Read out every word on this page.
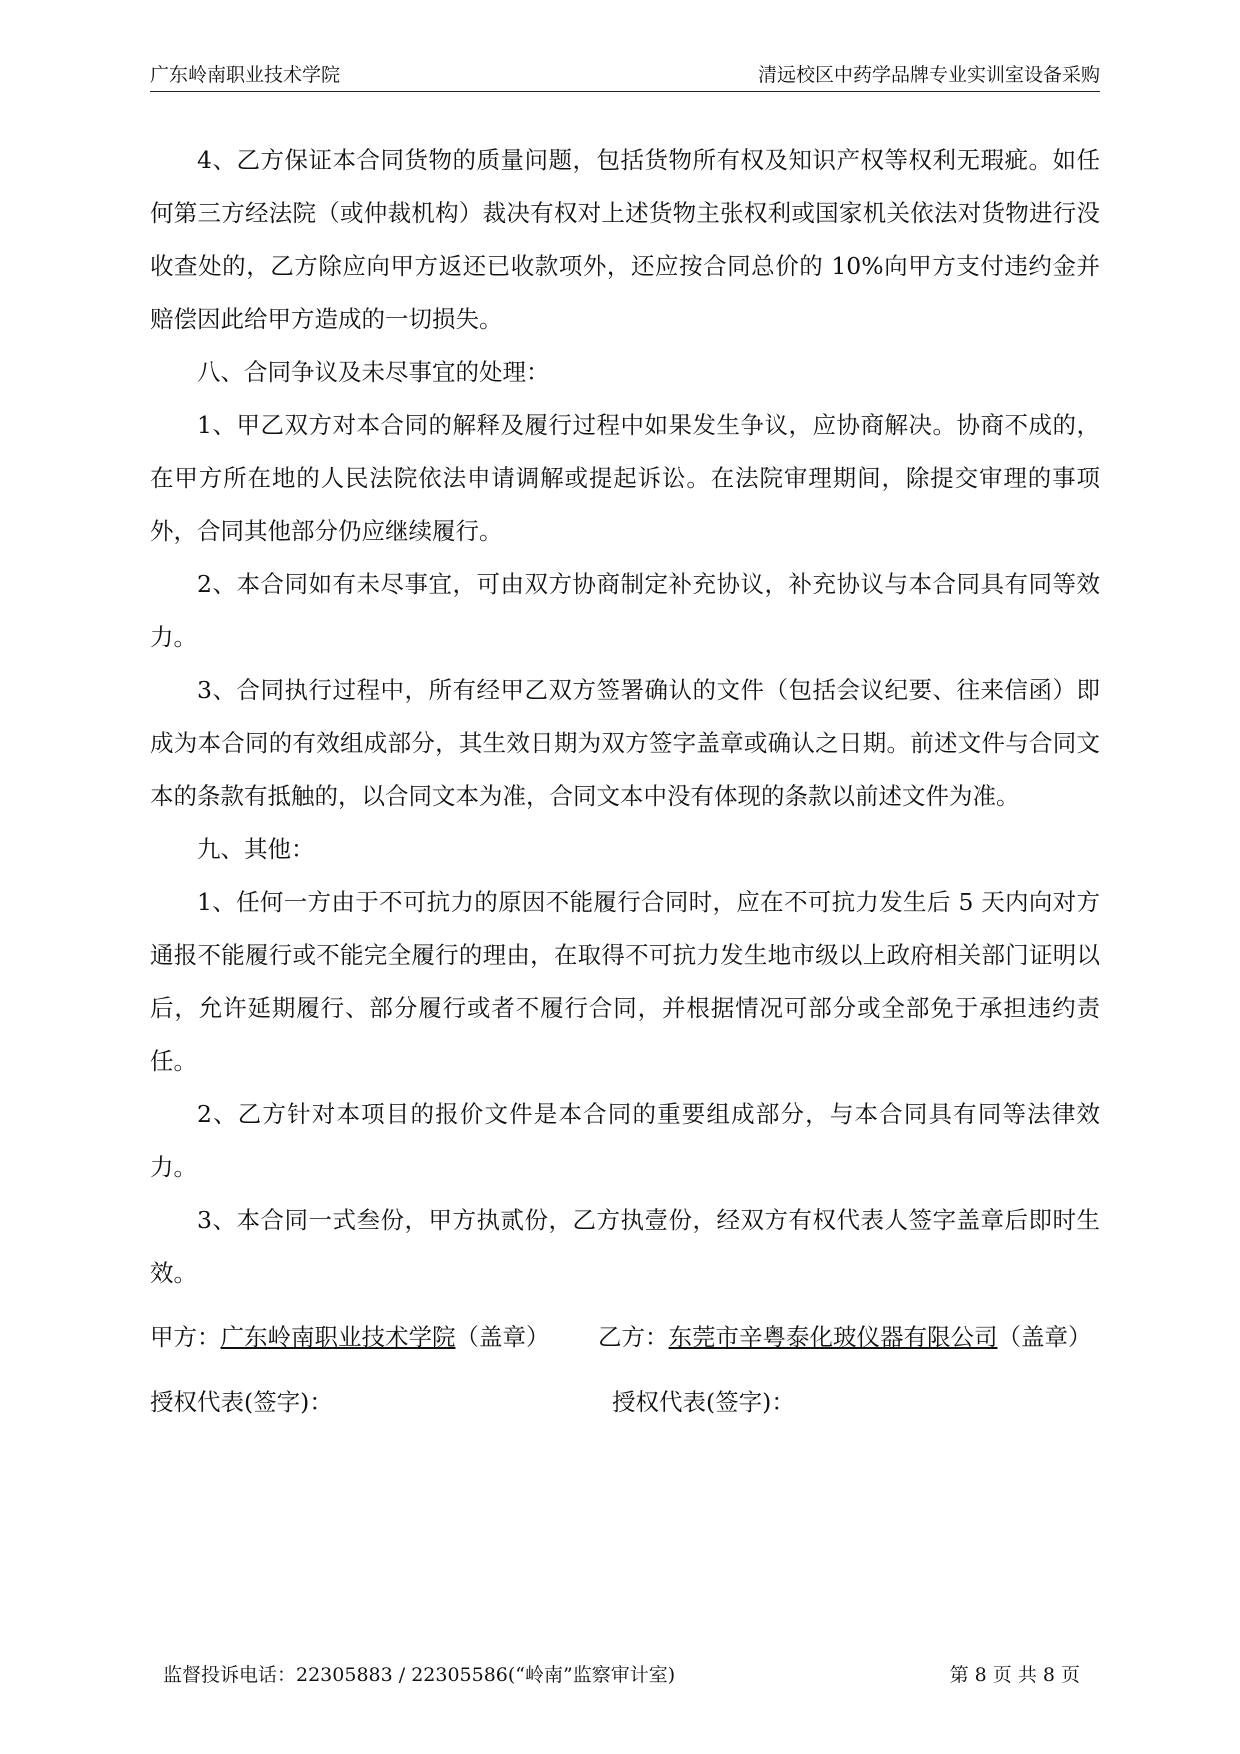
广东岭南职业技术学院	清远校区中药学品牌专业实训室设备采购

4、乙方保证本合同货物的质量问题，包括货物所有权及知识产权等权利无瑕疵。如任何第三方经法院（或仲裁机构）裁决有权对上述货物主张权利或国家机关依法对货物进行没收查处的，乙方除应向甲方返还已收款项外，还应按合同总价的 10%向甲方支付违约金并赔偿因此给甲方造成的一切损失。

八、合同争议及未尽事宜的处理：

1、甲乙双方对本合同的解释及履行过程中如果发生争议，应协商解决。协商不成的，在甲方所在地的人民法院依法申请调解或提起诉讼。在法院审理期间，除提交审理的事项外，合同其他部分仍应继续履行。

2、本合同如有未尽事宜，可由双方协商制定补充协议，补充协议与本合同具有同等效力。

3、合同执行过程中，所有经甲乙双方签署确认的文件（包括会议纪要、往来信函）即成为本合同的有效组成部分，其生效日期为双方签字盖章或确认之日期。前述文件与合同文本的条款有抵触的，以合同文本为准，合同文本中没有体现的条款以前述文件为准。

九、其他：

1、任何一方由于不可抗力的原因不能履行合同时，应在不可抗力发生后 5 天内向对方通报不能履行或不能完全履行的理由，在取得不可抗力发生地市级以上政府相关部门证明以后，允许延期履行、部分履行或者不履行合同，并根据情况可部分或全部免于承担违约责任。

2、乙方针对本项目的报价文件是本合同的重要组成部分，与本合同具有同等法律效力。

3、本合同一式叁份，甲方执贰份，乙方执壹份，经双方有权代表人签字盖章后即时生效。

甲方：广东岭南职业技术学院（盖章） 乙方：东莞市辛粤泰化玻仪器有限公司（盖章）
授权代表(签字)：	授权代表(签字)：
监督投诉电话：22305883 / 22305586(“岭南”监察审计室)	第 8 页 共 8 页
